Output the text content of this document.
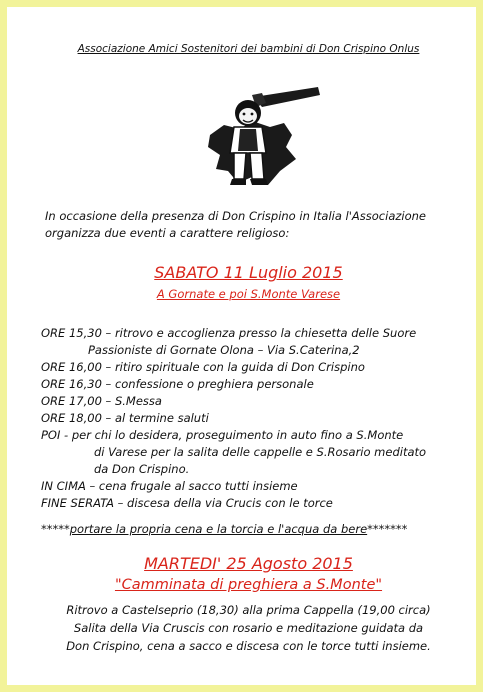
Associazione Amici Sostenitori dei bambini di Don Crispino Onlus
In occasione della presenza di Don Crispino in Italia l'Associazione
organizza due eventi a carattere religioso:
SABATO 11 Luglio 2015
A Gornate e poi S.Monte Varese
ORE 15,30 – ritrovo e accoglienza presso la chiesetta delle Suore
Passioniste di Gornate Olona – Via S.Caterina,2
ORE 16,00 – ritiro spirituale con la guida di Don Crispino
ORE 16,30 – confessione o preghiera personale
ORE 17,00 – S.Messa
ORE 18,00 – al termine saluti
POI - per chi lo desidera, proseguimento in auto fino a S.Monte
di Varese per la salita delle cappelle e S.Rosario meditato
da Don Crispino.
IN CIMA – cena frugale al sacco tutti insieme
FINE SERATA – discesa della via Crucis con le torce
*****portare la propria cena e la torcia e l'acqua da bere*******
MARTEDI' 25 Agosto 2015
"Camminata di preghiera a S.Monte"
Ritrovo a Castelseprio (18,30) alla prima Cappella (19,00 circa)
Salita della Via Cruscis con rosario e meditazione guidata da
Don Crispino, cena a sacco e discesa con le torce tutti insieme.
